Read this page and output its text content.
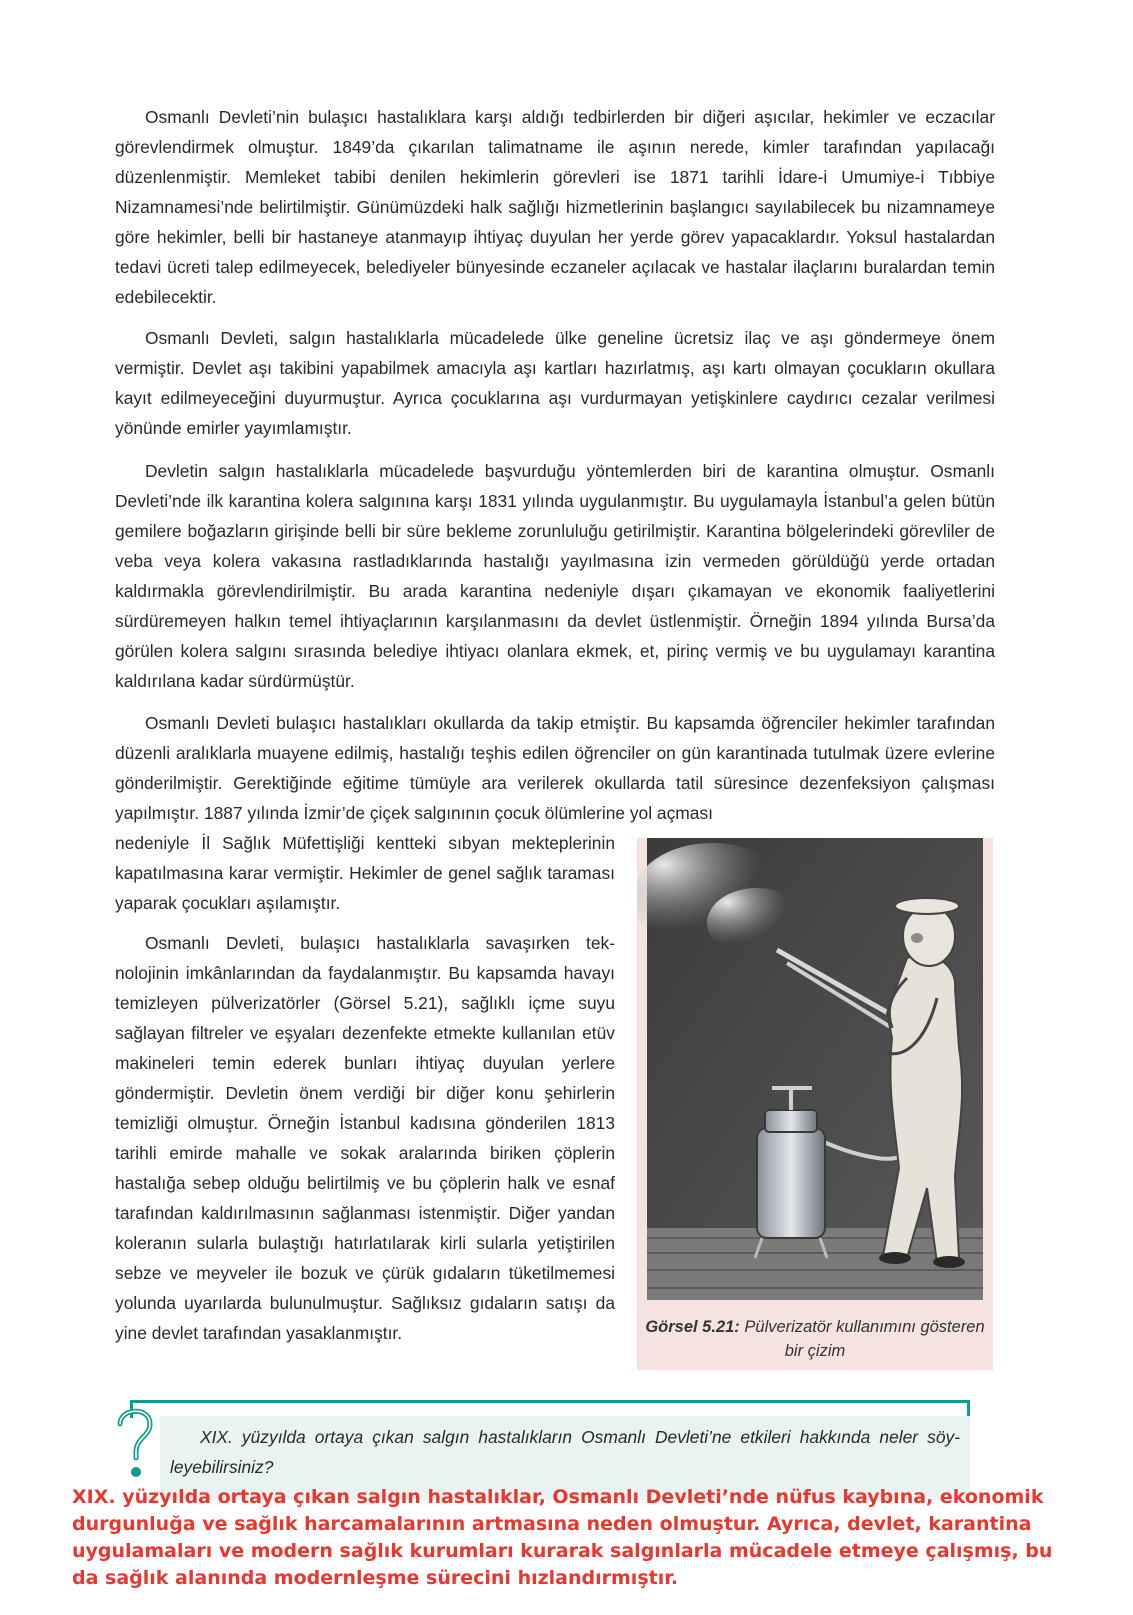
Osmanlı Devleti’nin bulaşıcı hastalıklara karşı aldığı tedbirlerden bir diğeri aşıcılar, hekimler ve eczacılar görevlendirmek olmuştur. 1849’da çıkarılan talimatname ile aşının nerede, kimler tarafından yapılacağı düzenlenmiştir. Memleket tabibi denilen hekimlerin görevleri ise 1871 tarihli İdare-i Umumiye-i Tıbbiye Nizamnamesi’nde belirtilmiştir. Günümüzdeki halk sağlığı hizmetlerinin başlangıcı sayılabilecek bu nizamnameye göre hekimler, belli bir hastaneye atanmayıp ihtiyaç duyulan her yerde görev yapacaklardır. Yoksul hastalardan tedavi ücreti talep edilmeyecek, belediyeler bünyesinde eczaneler açılacak ve hastalar ilaçlarını buralardan temin edebilecektir.

Osmanlı Devleti, salgın hastalıklarla mücadelede ülke geneline ücretsiz ilaç ve aşı göndermeye önem vermiştir. Devlet aşı takibini yapabilmek amacıyla aşı kartları hazırlatmış, aşı kartı olmayan çocukların okullara kayıt edilmeyeceğini duyurmuştur. Ayrıca çocuklarına aşı vurdurmayan yetişkinlere caydırıcı cezalar verilmesi yönünde emirler yayımlamıştır.

Devletin salgın hastalıklarla mücadelede başvurduğu yöntemlerden biri de karantina olmuştur. Osmanlı Devleti’nde ilk karantina kolera salgınına karşı 1831 yılında uygulanmıştır. Bu uygulamayla İstanbul’a gelen bütün gemilere boğazların girişinde belli bir süre bekleme zorunluluğu getirilmiştir. Karantina bölgelerindeki görevliler de veba veya kolera vakasına rastladıklarında hastalığı yayılmasına izin vermeden görüldüğü yerde ortadan kaldırmakla görevlendirilmiştir. Bu arada karantina nedeniyle dışarı çıkamayan ve ekonomik faaliyetlerini sürdüremeyen halkın temel ihtiyaçlarının karşılanmasını da devlet üstlenmiştir. Örneğin 1894 yılında Bursa’da görülen kolera salgını sırasında belediye ihtiyacı olanlara ekmek, et, pirinç vermiş ve bu uygulamayı karantina kaldırılana kadar sürdürmüştür.

Osmanlı Devleti bulaşıcı hastalıkları okullarda da takip etmiştir. Bu kapsamda öğrenciler hekimler tarafından düzenli aralıklarla muayene edilmiş, hastalığı teşhis edilen öğrenciler on gün karantinada tutulmak üzere evlerine gönderilmiştir. Gerektiğinde eğitime tümüyle ara verilerek okullarda tatil süresince dezenfeksiyon çalışması yapılmıştır. 1887 yılında İzmir’de çiçek salgınının çocuk ölümlerine yol açması

nedeniyle İl Sağlık Müfettişliği kentteki sıbyan mekteplerinin kapatılmasına karar vermiştir. Hekimler de genel sağlık taraması yaparak çocukları aşılamıştır.

Osmanlı Devleti, bulaşıcı hastalıklarla savaşırken teknolojinin imkânlarından da faydalanmıştır. Bu kapsamda havayı temizleyen pülverizatörler (Görsel 5.21), sağlıklı içme suyu sağlayan filtreler ve eşyaları dezenfekte etmekte kullanılan etüv makineleri temin ederek bunları ihtiyaç duyulan yerlere göndermiştir. Devletin önem verdiği bir diğer konu şehirlerin temizliği olmuştur. Örneğin İstanbul kadısına gönderilen 1813 tarihli emirde mahalle ve sokak aralarında biriken çöplerin hastalığa sebep olduğu belirtilmiş ve bu çöplerin halk ve esnaf tarafından kaldırılmasının sağlanması istenmiştir. Diğer yandan koleranın sularla bulaştığı hatırlatılarak kirli sularla yetiştirilen sebze ve meyveler ile bozuk ve çürük gıdaların tüketilmemesi yolunda uyarılarda bulunulmuştur. Sağlıksız gıdaların satışı da yine devlet tarafından yasaklanmıştır.	Görsel 5.21: Pülverizatör kullanımını gösteren bir çizim

XIX. yüzyılda ortaya çıkan salgın hastalıkların Osmanlı Devleti’ne etkileri hakkında neler söyleyebilirsiniz?

XIX. yüzyılda ortaya çıkan salgın hastalıklar, Osmanlı Devleti’nde nüfus kaybına, ekonomik durgunluğa ve sağlık harcamalarının artmasına neden olmuştur. Ayrıca, devlet, karantina uygulamaları ve modern sağlık kurumları kurarak salgınlarla mücadele etmeye çalışmış, bu da sağlık alanında modernleşme sürecini hızlandırmıştır.
